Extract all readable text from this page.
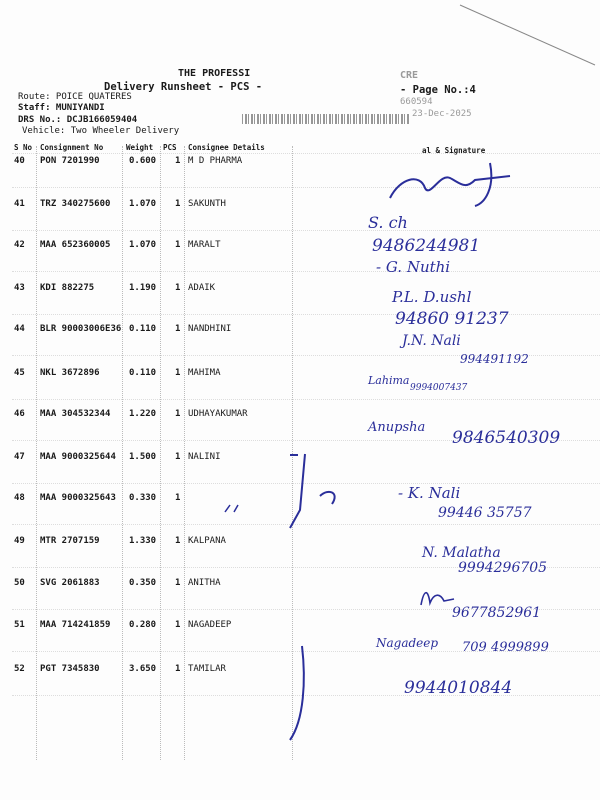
THE PROFESSI	CRE
Delivery Runsheet - PCS -	- Page No.:4
Route: POICE QUATERES	660594
Staff: MUNIYANDI
DRS No.: DCJB166059404
23-Dec-2025
Vehicle: Two Wheeler Delivery
S No Consignment No	Weight PCS Consignee Details	al & Signature
40 PON 7201990	0.600 1 M D PHARMA
41 TRZ 340275600 1.070 1 SAKUNTH
42 MAA 652360005 1.070 1 MARALT
43 KDI 882275	1.190 1 ADAIK
44 BLR 90003006E36 0.110 1 NANDHINI
45 NKL 3672896	0.110 1 MAHIMA
46 MAA 304532344 1.220 1 UDHAYAKUMAR
47 MAA 9000325644 1.500 1 NALINI
48 MAA 9000325643 0.330 1
49 MTR 2707159	1.330 1 KALPANA
50 SVG 2061883	0.350 1 ANITHA
51 MAA 714241859 0.280 1 NAGADEEP
52 PGT 7345830	3.650 1 TAMILAR
S. ch
9486244981
- G. Nuthi
P.L. D.ushl
94860 91237
J.N. Nali
994491192
Lahima
9994007437
Anupsha
9846540309
- K. Nali
99446 35757
N. Malatha
9994296705
9677852961
Nagadeep 709 4999899
9944010844
